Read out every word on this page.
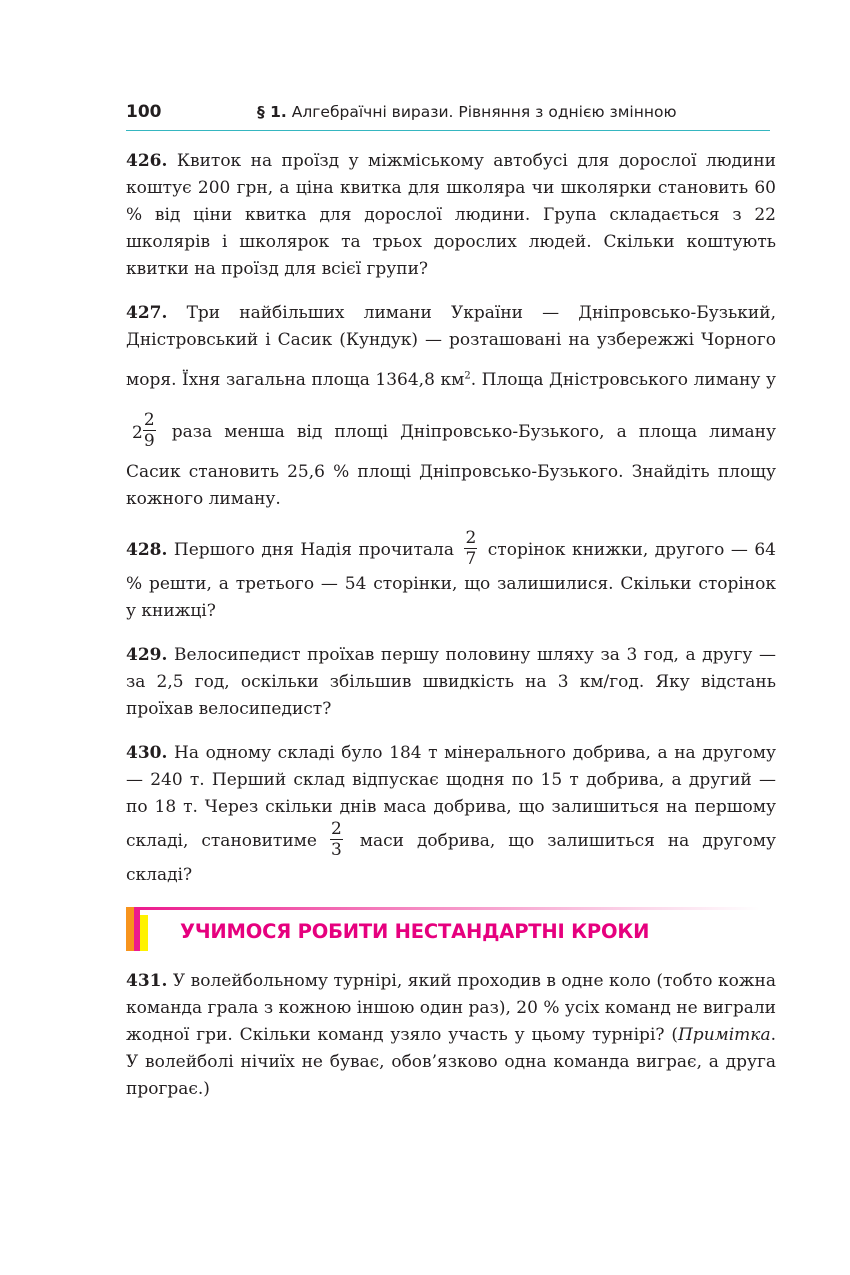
100	§ 1. Алгебраїчні вирази. Рівняння з однією змінною

426. Квиток на проїзд у міжміському автобусі для дорослої людини коштує 200 грн, а ціна квитка для школяра чи школярки становить 60 % від ціни квитка для дорослої людини. Група складається з 22 школярів і школярок та трьох дорослих людей. Скільки коштують квитки на проїзд для всієї групи?

427. Три найбільших лимани України — Дніпровсько-Бузький, Дністровський і Сасик (Кундук) — розташовані на узбережжі Чорного моря. Їхня загальна площа 1364,8 $км^2$. Площа Дністровського лиману у $2 \frac{2}{9}$ раза менша від площі Дніпровсько-Бузького, а площа лиману Сасик становить 25,6 % площі Дніпровсько-Бузького. Знайдіть площу кожного лиману.

428. Першого дня Надія прочитала $\frac{2}{7}$ сторінок книжки, другого — 64 % решти, а третього — 54 сторінки, що залишилися. Скільки сторінок у книжці?

429. Велосипедист проїхав першу половину шляху за 3 год, а другу — за 2,5 год, оскільки збільшив швидкість на 3 км/год. Яку відстань проїхав велосипедист?

430. На одному складі було 184 т мінерального добрива, а на другому — 240 т. Перший склад відпускає щодня по 15 т добрива, а другий — по 18 т. Через скільки днів маса добрива, що залишиться на першому складі, становитиме $\frac{2}{3}$ маси добрива, що залишиться на другому складі?

УЧИМОСЯ РОБИТИ НЕСТАНДАРТНІ КРОКИ

431. У волейбольному турнірі, який проходив в одне коло (тобто кожна команда грала з кожною іншою один раз), 20 % усіх команд не виграли жодної гри. Скільки команд узяло участь у цьому турнірі? (Примітка. У волейболі нічиїх не буває, обов’язково одна команда виграє, а друга програє.)
